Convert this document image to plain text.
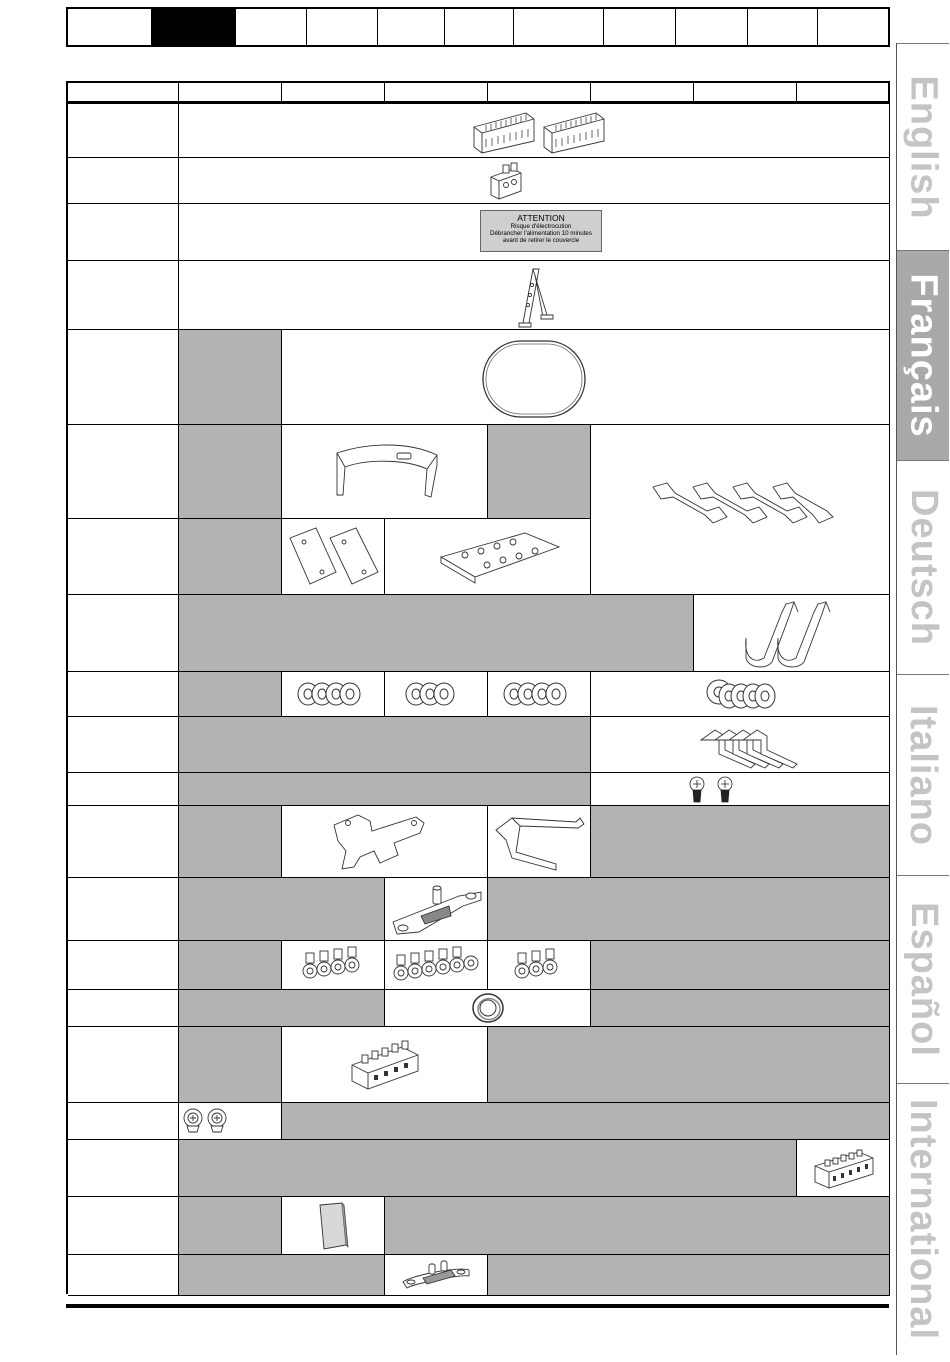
ATTENTION
Risque d'électrocution
Débrancher l'alimentation 10 minutes
avant de retirer le couvercle
English
Français
Deutsch
Italiano
Español
International
